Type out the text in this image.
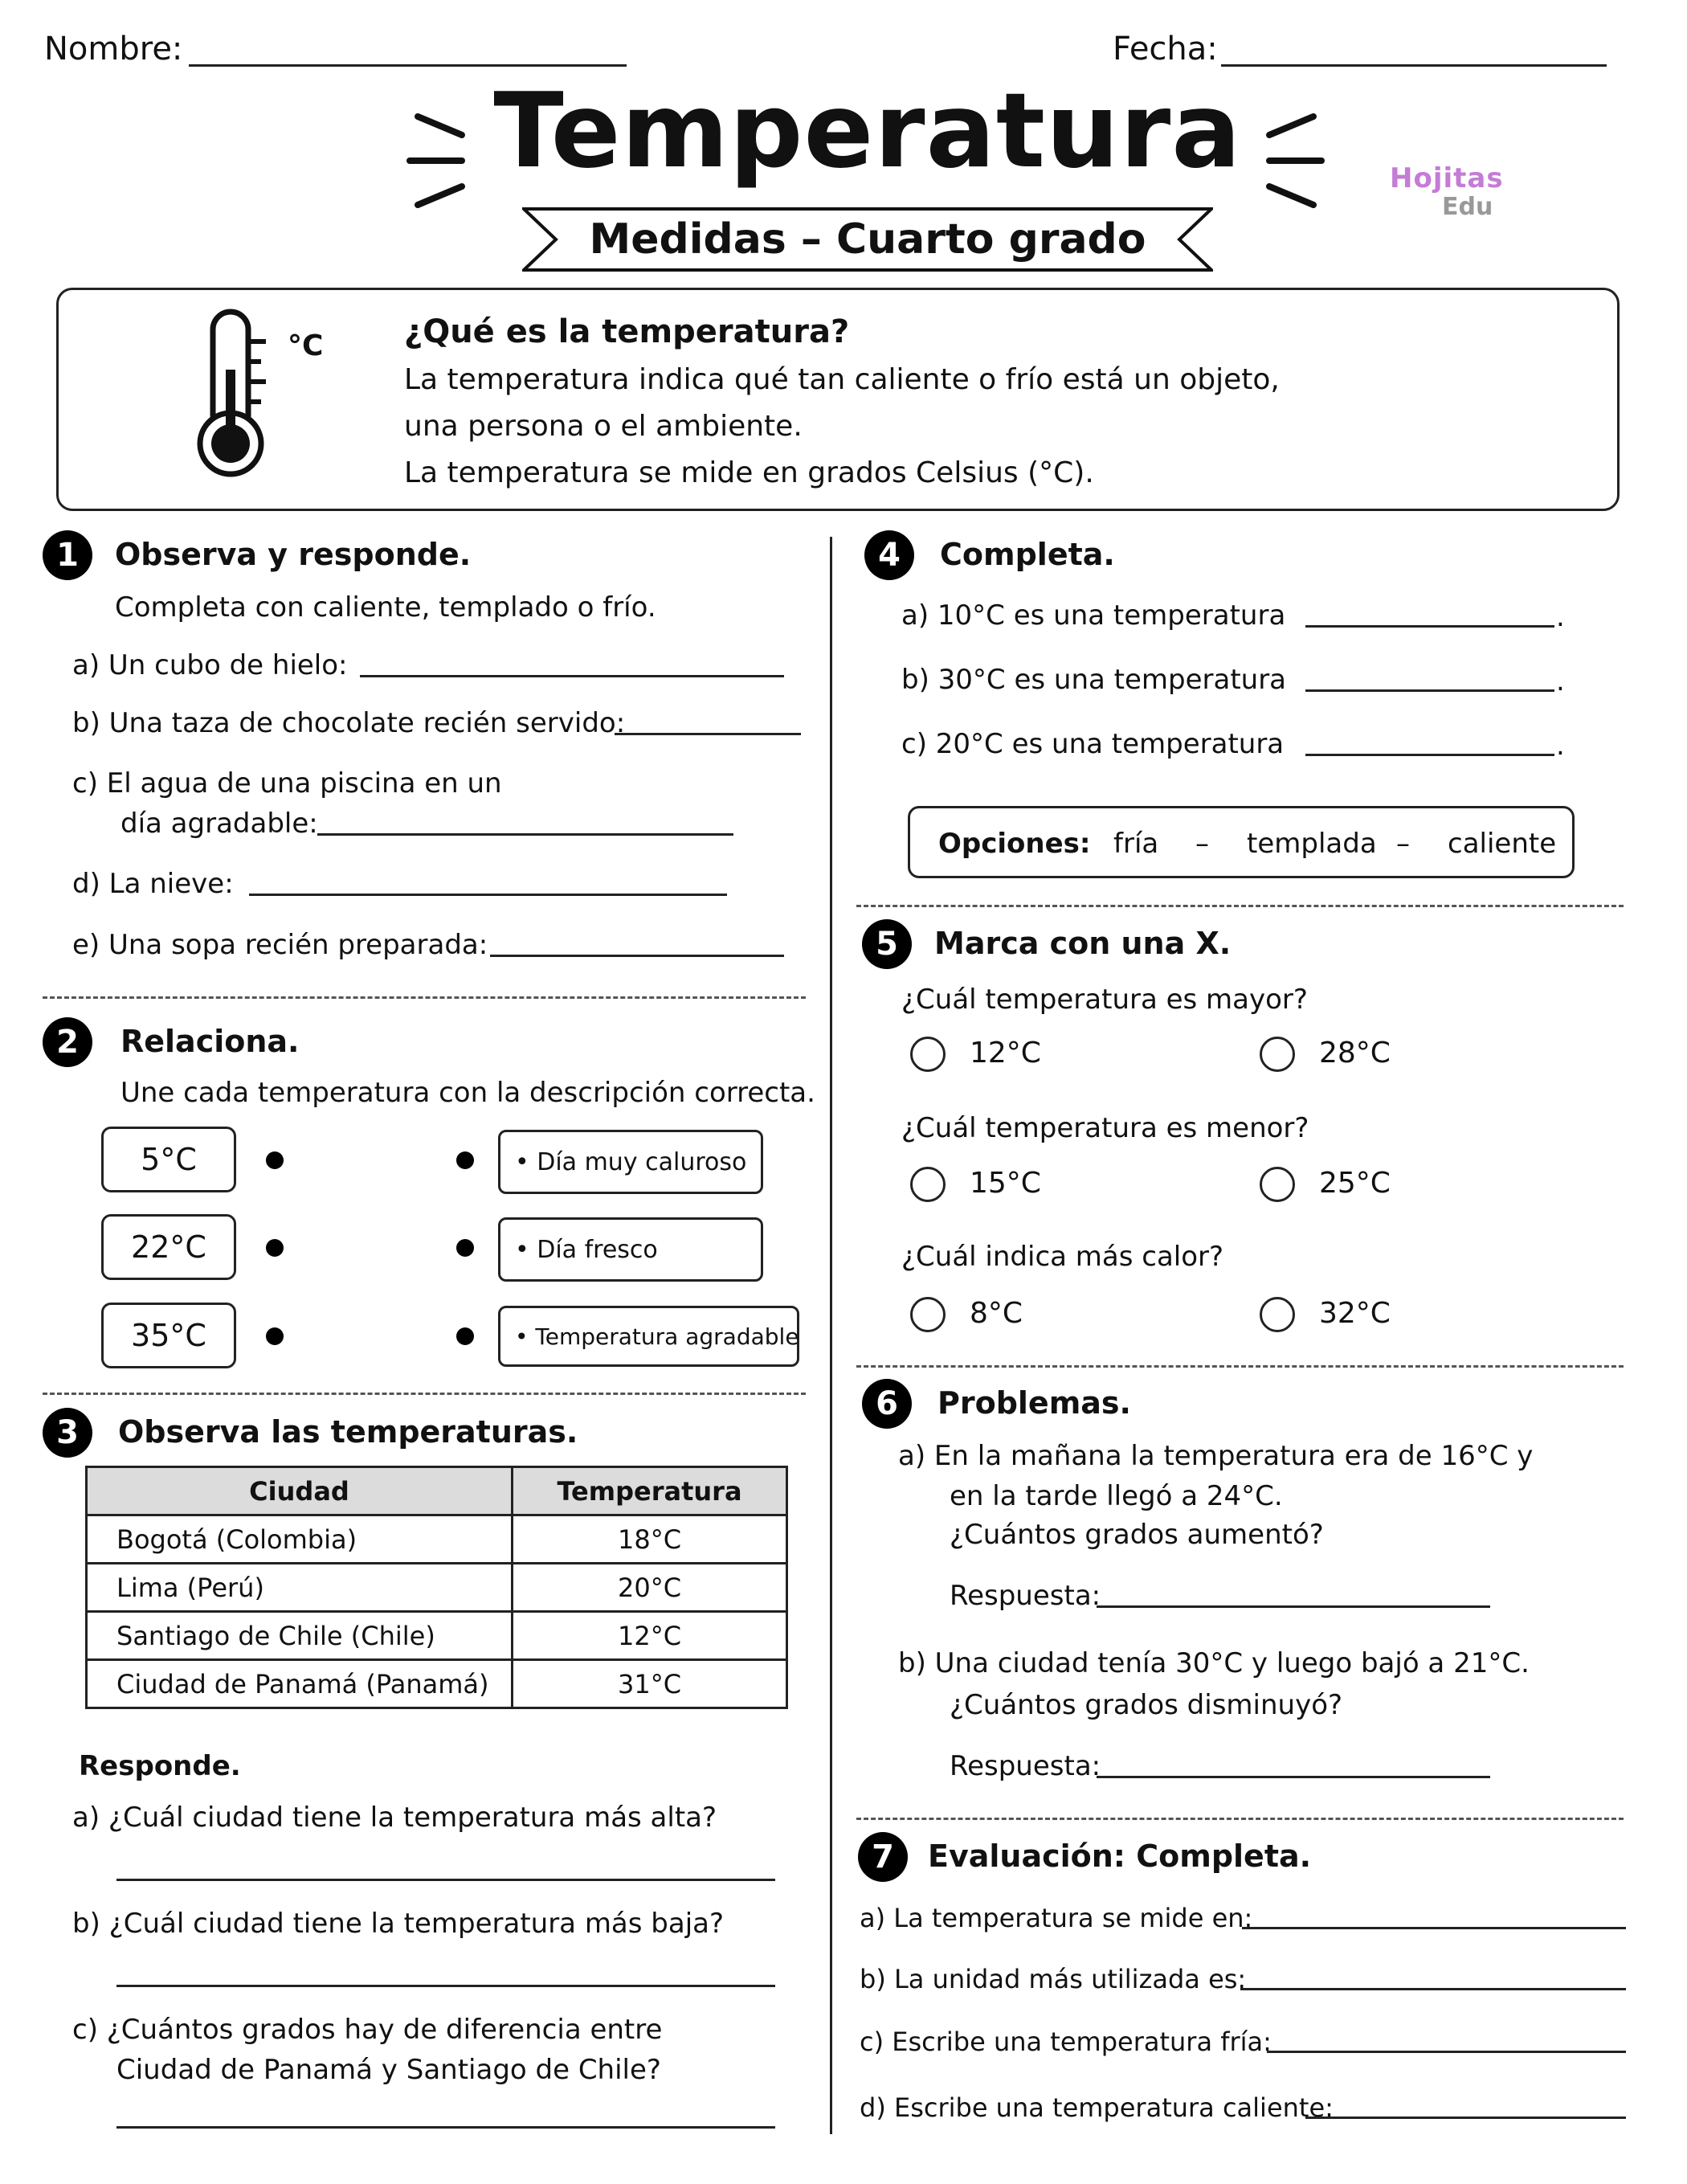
Nombre:	Fecha:
Temperatura
Medidas – Cuarto grado
Hojitas
Edu
°C	¿Qué es la temperatura?
La temperatura indica qué tan caliente o frío está un objeto,
una persona o el ambiente.
La temperatura se mide en grados Celsius (°C).
1	Observa y responde.
Completa con caliente, templado o frío.
a) Un cubo de hielo:
b) Una taza de chocolate recién servido:
c) El agua de una piscina en un
día agradable:
d) La nieve:
e) Una sopa recién preparada:
2	Relaciona.
Une cada temperatura con la descripción correcta.
5°C
22°C
35°C
• Día muy caluroso
• Día fresco
• Temperatura agradable
3	Observa las temperaturas.
Ciudad	Temperatura
Bogotá (Colombia)	18°C
Lima (Perú)	20°C
Santiago de Chile (Chile)	12°C
Ciudad de Panamá (Panamá)	31°C
Responde.
a) ¿Cuál ciudad tiene la temperatura más alta?
b) ¿Cuál ciudad tiene la temperatura más baja?
c) ¿Cuántos grados hay de diferencia entre
Ciudad de Panamá y Santiago de Chile?
4	Completa.
a) 10°C es una temperatura	.
b) 30°C es una temperatura	.
c) 20°C es una temperatura	.
Opciones: fría – templada – caliente
5	Marca con una X.
¿Cuál temperatura es mayor?
12°C	28°C
¿Cuál temperatura es menor?
15°C	25°C
¿Cuál indica más calor?
8°C	32°C
6	Problemas.
a) En la mañana la temperatura era de 16°C y
en la tarde llegó a 24°C.
¿Cuántos grados aumentó?
Respuesta:
b) Una ciudad tenía 30°C y luego bajó a 21°C.
¿Cuántos grados disminuyó?
Respuesta:
7	Evaluación: Completa.
a) La temperatura se mide en:
b) La unidad más utilizada es:
c) Escribe una temperatura fría:
d) Escribe una temperatura caliente:
